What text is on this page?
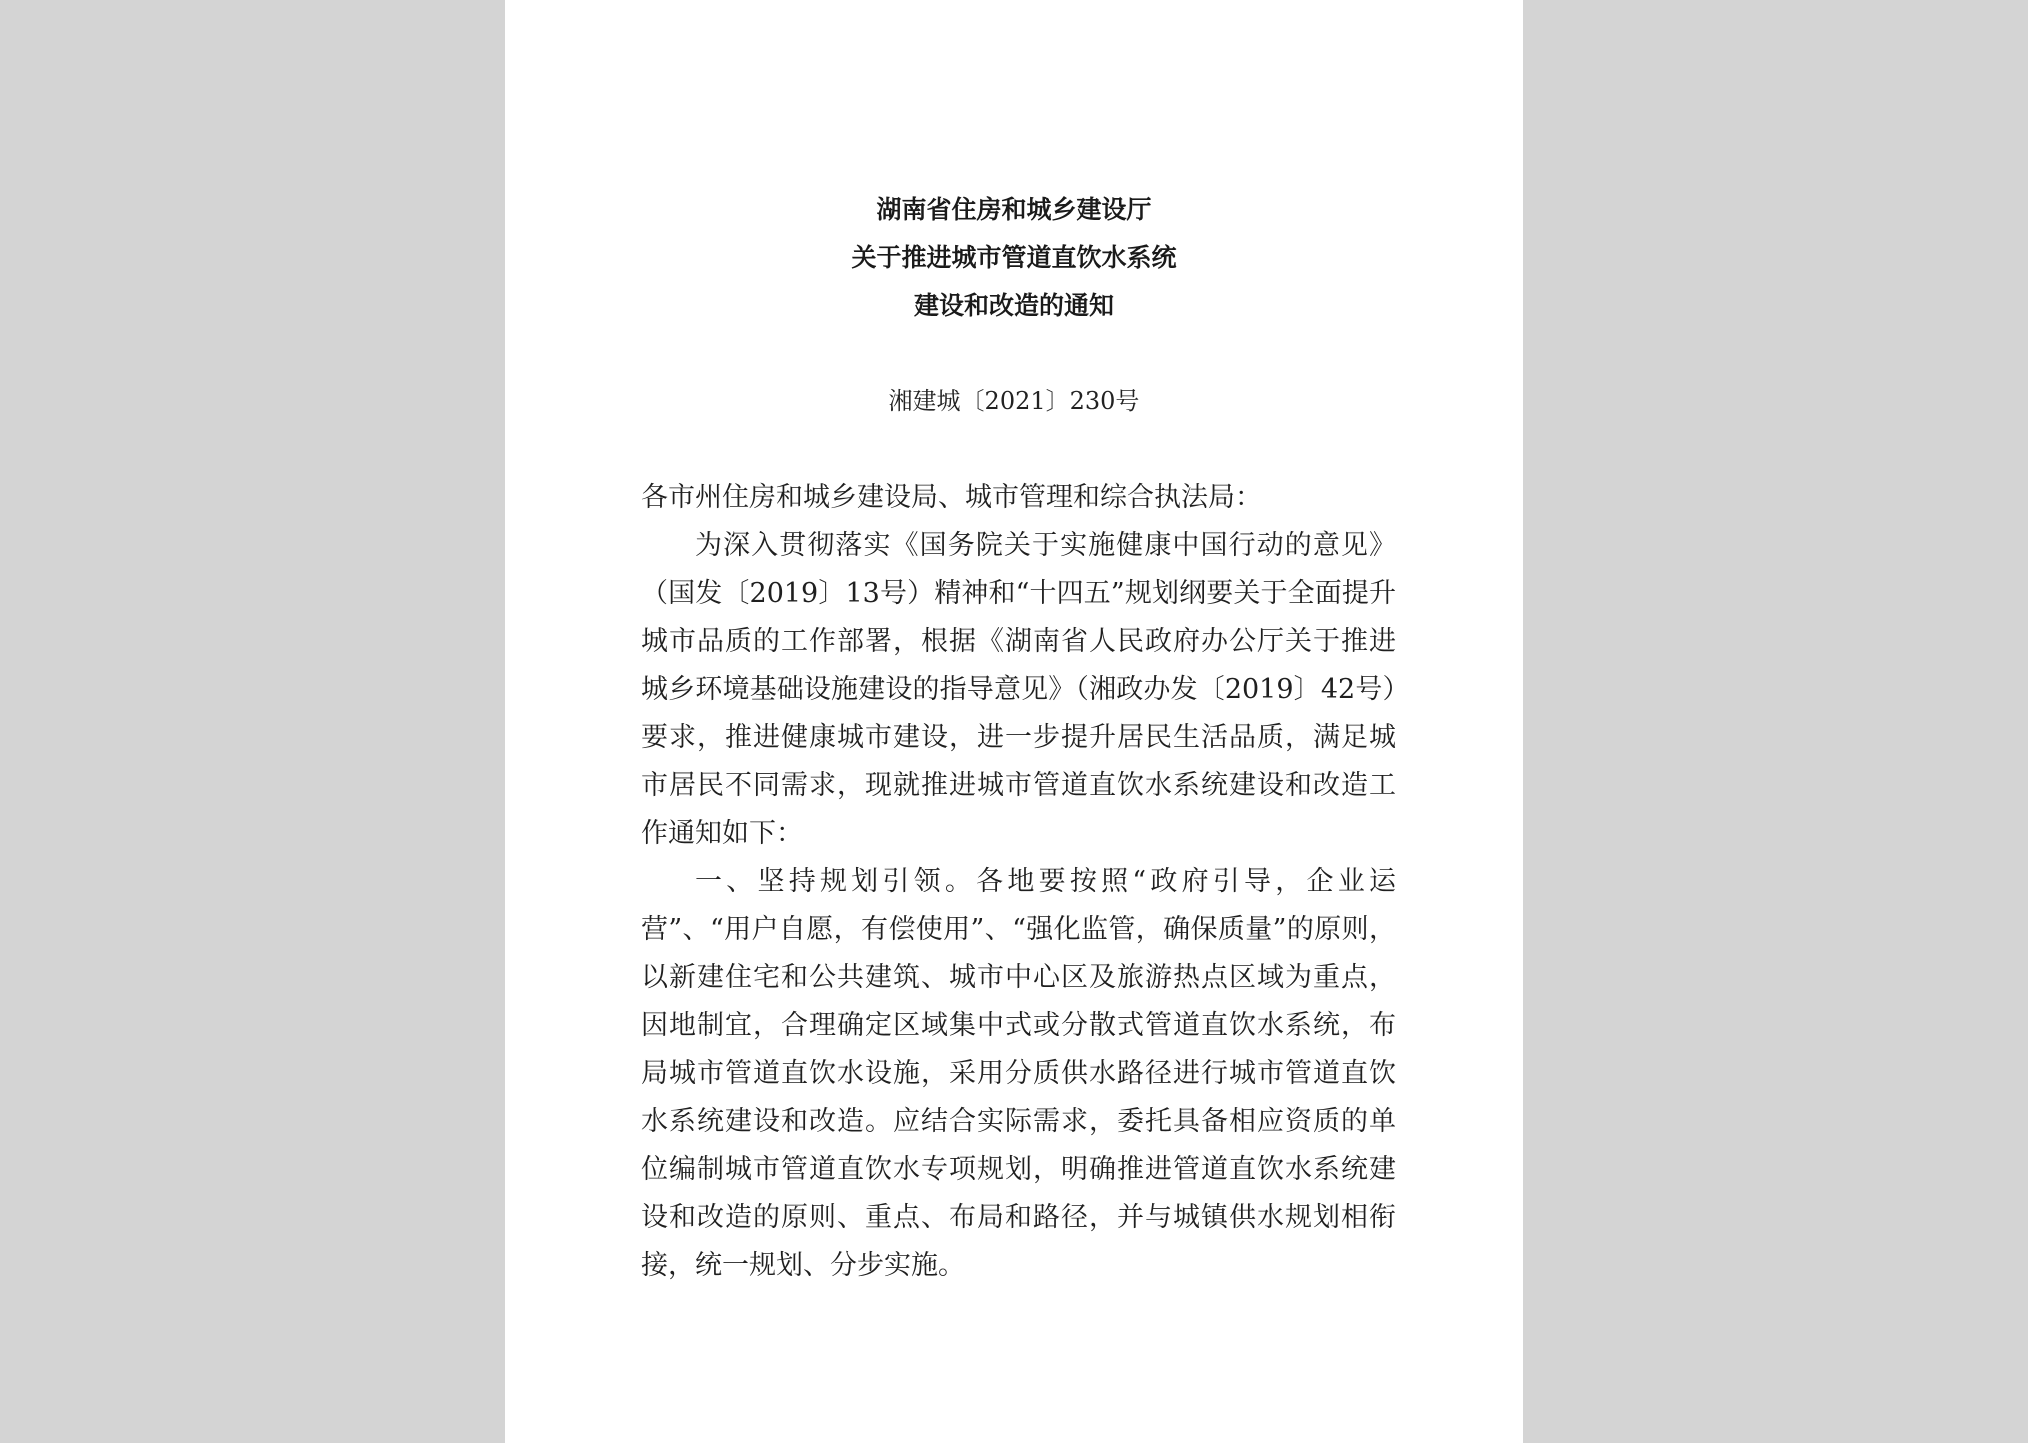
湖南省住房和城乡建设厅
关于推进城市管道直饮水系统
建设和改造的通知
湘建城〔2021〕230号

各市州住房和城乡建设局、城市管理和综合执法局：

为深入贯彻落实《国务院关于实施健康中国行动的意见》（国发〔2019〕13号）精神和“十四五”规划纲要关于全面提升城市品质的工作部署，根据《湖南省人民政府办公厅关于推进城乡环境基础设施建设的指导意见》（湘政办发〔2019〕42号）要求，推进健康城市建设，进一步提升居民生活品质，满足城市居民不同需求，现就推进城市管道直饮水系统建设和改造工作通知如下：

一、坚持规划引领。各地要按照“政府引导，企业运营”、“用户自愿，有偿使用”、“强化监管，确保质量”的原则，以新建住宅和公共建筑、城市中心区及旅游热点区域为重点，因地制宜，合理确定区域集中式或分散式管道直饮水系统，布局城市管道直饮水设施，采用分质供水路径进行城市管道直饮水系统建设和改造。应结合实际需求，委托具备相应资质的单位编制城市管道直饮水专项规划，明确推进管道直饮水系统建设和改造的原则、重点、布局和路径，并与城镇供水规划相衔接，统一规划、分步实施。
